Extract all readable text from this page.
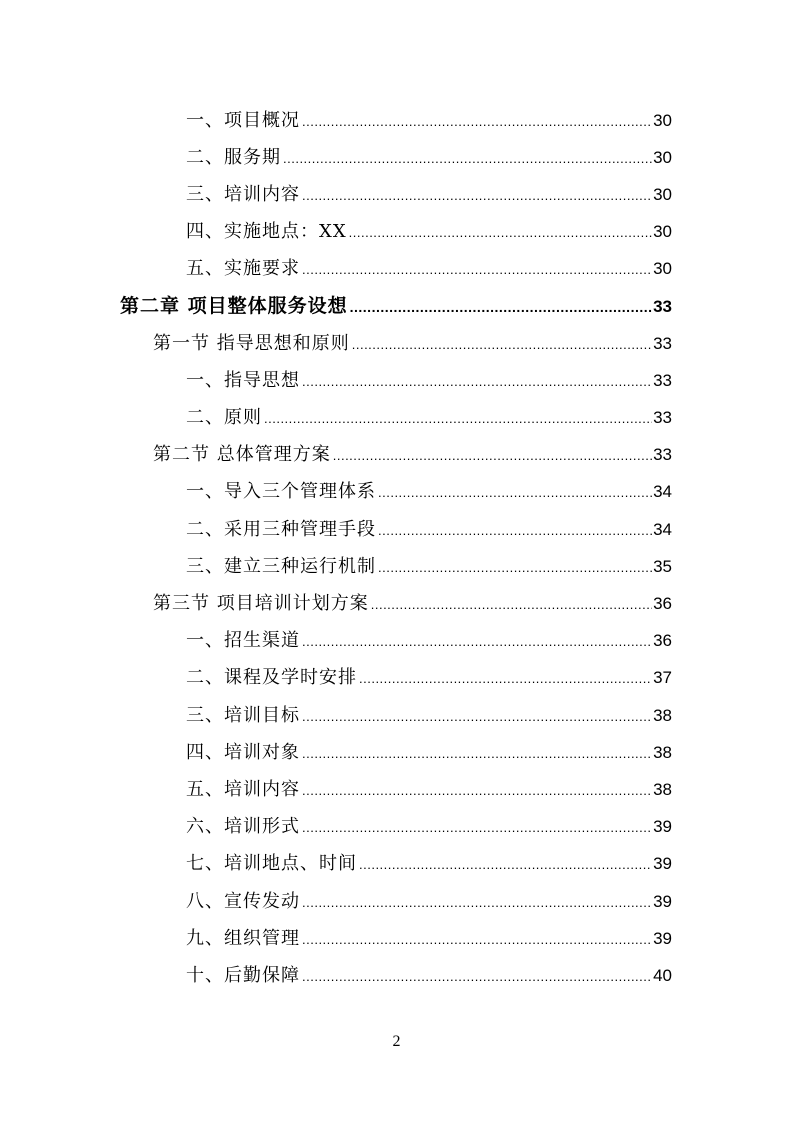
一、项目概况 .....	30
二、服务期 .....	30
三、培训内容 .....	30
四、实施地点：XX .....	30
五、实施要求 .....	30
第二章 项目整体服务设想 .....	33
第一节 指导思想和原则 .....	33
一、指导思想 .....	33
二、原则 .....	33
第二节 总体管理方案 .....	33
一、导入三个管理体系 .....	34
二、采用三种管理手段 .....	34
三、建立三种运行机制 .....	35
第三节 项目培训计划方案 .....	36
一、招生渠道 .....	36
二、课程及学时安排 .....	37
三、培训目标 .....	38
四、培训对象 .....	38
五、培训内容 .....	38
六、培训形式 .....	39
七、培训地点、时间 .....	39
八、宣传发动 .....	39
九、组织管理 .....	39
十、后勤保障 .....	40
2
